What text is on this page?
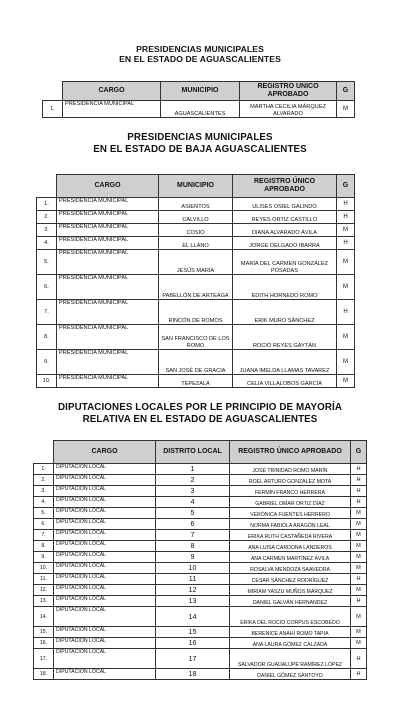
PRESIDENCIAS MUNICIPALES
EN EL ESTADO DE AGUASCALIENTES
	CARGO	MUNICIPIO	REGISTRO ÚNICO APROBADO	G
1.	PRESIDENCIA MUNICIPAL	AGUASCALIENTES	MARTHA CECILIA MÁRQUEZ ALVARADO	M
PRESIDENCIAS MUNICIPALES
EN EL ESTADO DE BAJA AGUASCALIENTES
	CARGO	MUNICIPIO	REGISTRO ÚNICO APROBADO	G
1.	PRESIDENCIA MUNICIPAL	ASIENTOS	ULISES OSIEL GALINDO	H
2.	PRESIDENCIA MUNICIPAL	CALVILLO	REYES ORTIZ CASTILLO	H
3.	PRESIDENCIA MUNICIPAL	COSÍO	DIANA ALVARADO ÁVILA	M
4.	PRESIDENCIA MUNICIPAL	EL LLANO	JORGE DELGADO IBARRA	H
5.	PRESIDENCIA MUNICIPAL	JESÚS MARÍA	MARÍA DEL CARMEN GONZÁLEZ POSADAS	M
6.	PRESIDENCIA MUNICIPAL	PABELLÓN DE ARTEAGA	EDITH HORNEDO ROMO	M
7.	PRESIDENCIA MUNICIPAL	RINCÓN DE ROMOS	ERIK MURO SÁNCHEZ	H
8.	PRESIDENCIA MUNICIPAL	SAN FRANCISCO DE LOS ROMO	ROCIÓ REYES GAYTÁN	M
9.	PRESIDENCIA MUNICIPAL	SAN JOSÉ DE GRACIA	JUANA IMELDA LLAMAS TAVAREZ	M
10.	PRESIDENCIA MUNICIPAL	TEPEZALÁ	CELIA VILLALOBOS GARCÍA	M
DIPUTACIONES LOCALES POR LE PRINCIPIO DE MAYORÍA
RELATIVA EN EL ESTADO DE AGUASCALIENTES
	CARGO	DISTRITO LOCAL	REGISTRO ÚNICO APROBADO	G
1.	DIPUTACIÓN LOCAL	1	JOSÉ TRINIDAD ROMO MARÍN	H
2.	DIPUTACIÓN LOCAL	2	ROEL ARTURO GONZÁLEZ MOTA	H
3.	DIPUTACIÓN LOCAL	3	FERMÍN FRANCO HERRERA	H
4.	DIPUTACIÓN LOCAL	4	GABRIEL OMAR ORTIZ DÍAZ	H
5.	DIPUTACIÓN LOCAL	5	VERÓNICA FUENTES HERRERO	M
6.	DIPUTACIÓN LOCAL	6	NORMA FABIOLA ARAGÓN LEAL	M
7.	DIPUTACIÓN LOCAL	7	ERIKA RUTH CASTAÑEDA RIVERA	M
8.	DIPUTACIÓN LOCAL	8	ANA LUISA CARDONA LANDEROS	M
9.	DIPUTACIÓN LOCAL	9	ANA CARMEN MARTÍNEZ ÁVILA	M
10.	DIPUTACIÓN LOCAL	10	ROSALVA MENDOZA SAAVEDRA	M
11.	DIPUTACIÓN LOCAL	11	CESAR SÁNCHEZ RODRÍGUEZ	H
12.	DIPUTACIÓN LOCAL	12	MIRIAM YASZU MUÑOS MÁRQUEZ	M
13.	DIPUTACIÓN LOCAL	13	DANIEL GALVÁN HERNANDEZ	H
14.	DIPUTACIÓN LOCAL	14	ERIKA DEL ROCIO CORPUS ESCOBEDO	M
15.	DIPUTACIÓN LOCAL	15	BERENICE ANAHÍ ROMO TAPIA	M
16.	DIPUTACIÓN LOCAL	16	ANA LAURA GÓMEZ CALZADA	M
17.	DIPUTACIÓN LOCAL	17	SALVADOR GUADALUPE RAMÍREZ LÓPEZ	H
18.	DIPUTACIÓN LOCAL	18	DANIEL GÓMEZ SANTOYO	H
